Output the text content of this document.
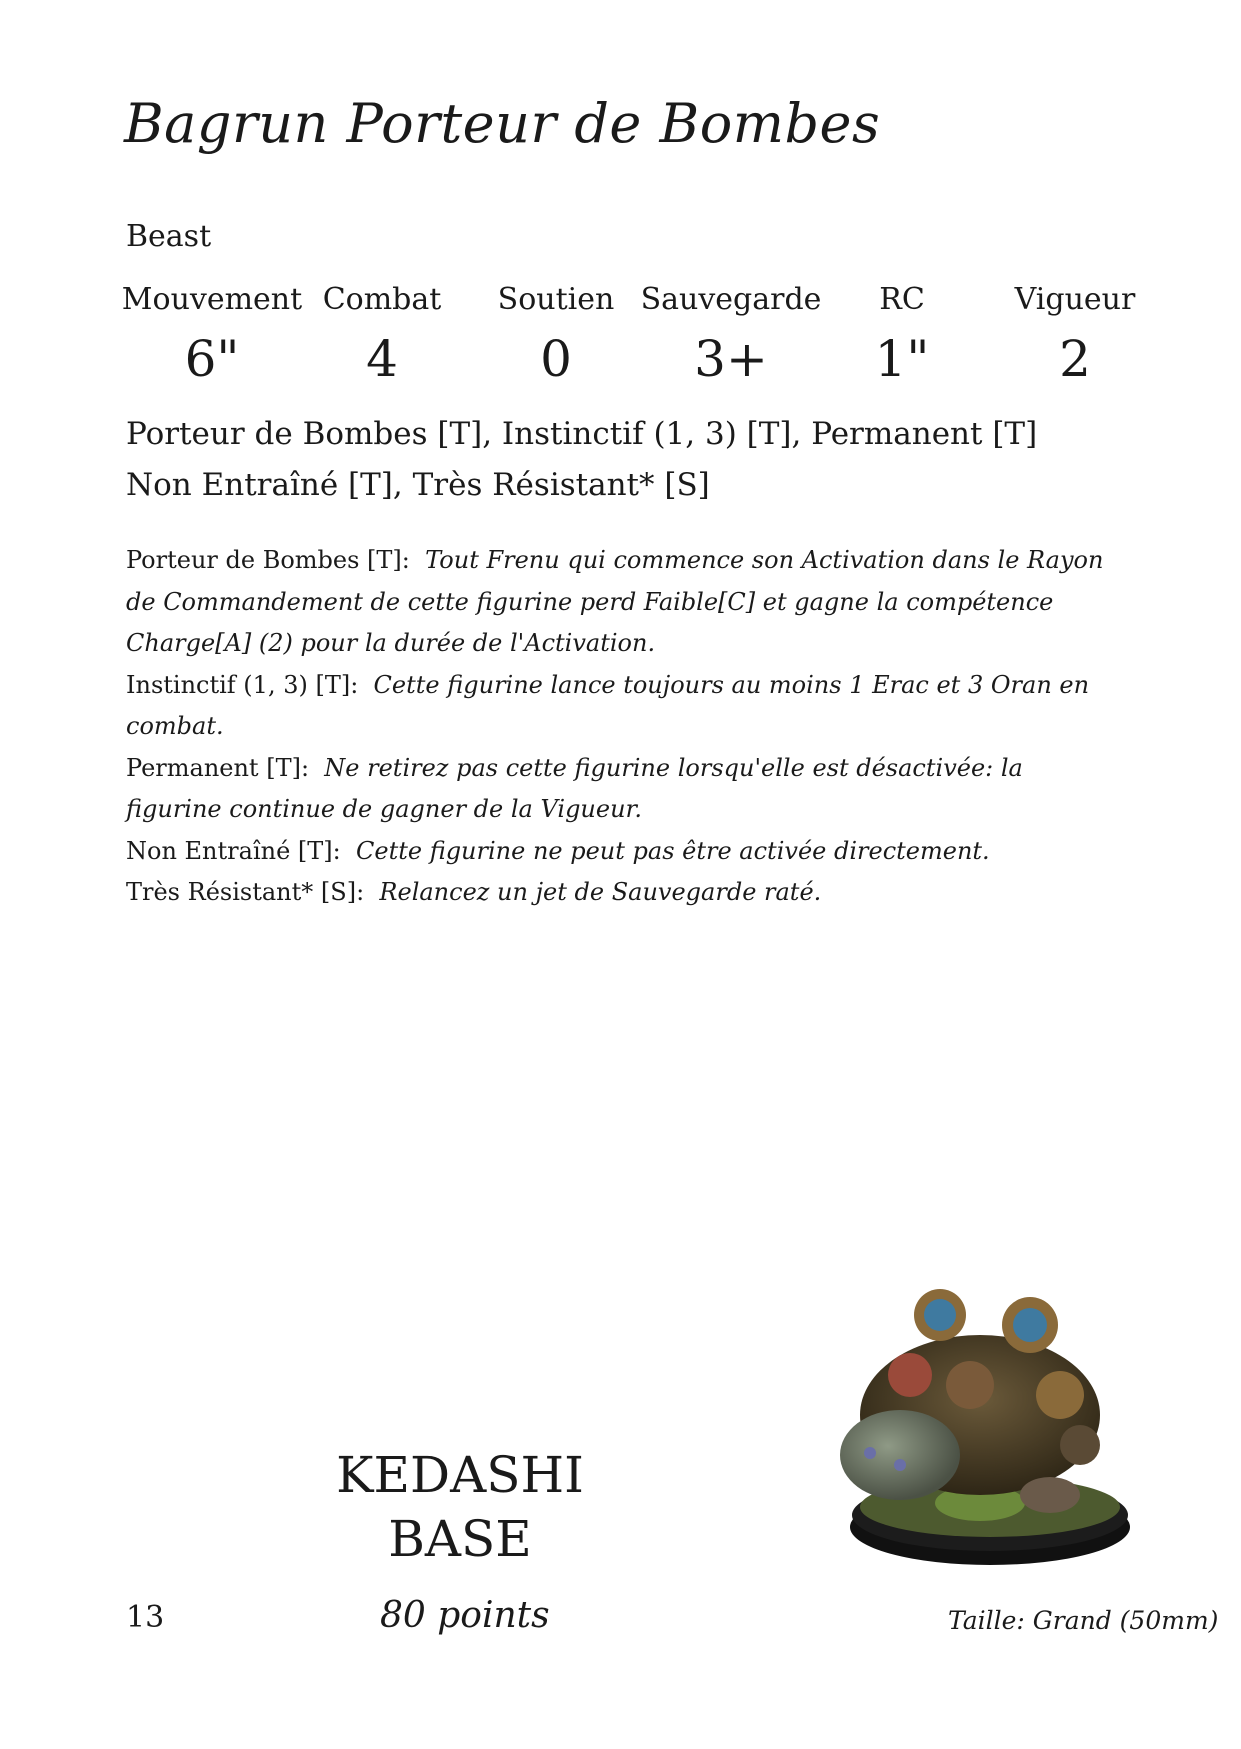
Bagrun Porteur de Bombes
Beast
Mouvement Combat Soutien Sauvegarde RC	Vigueur
6"	4	0 3+ 1"	2
Porteur de Bombes [T], Instinctif (1, 3) [T], Permanent [T]
Non Entraîné [T], Très Résistant* [S]

Porteur de Bombes [T]: Tout Frenu qui commence son Activation dans le Rayon de Commandement de cette figurine perd Faible[C] et gagne la compétence Charge[A] (2) pour la durée de l'Activation.

Instinctif (1, 3) [T]: Cette figurine lance toujours au moins 1 Erac et 3 Oran en combat.

Permanent [T]: Ne retirez pas cette figurine lorsqu'elle est désactivée: la figurine continue de gagner de la Vigueur.

Non Entraîné [T]: Cette figurine ne peut pas être activée directement.

Très Résistant* [S]: Relancez un jet de Sauvegarde raté.

KEDASHI
BASE
13	80 points	Taille: Grand (50mm)
